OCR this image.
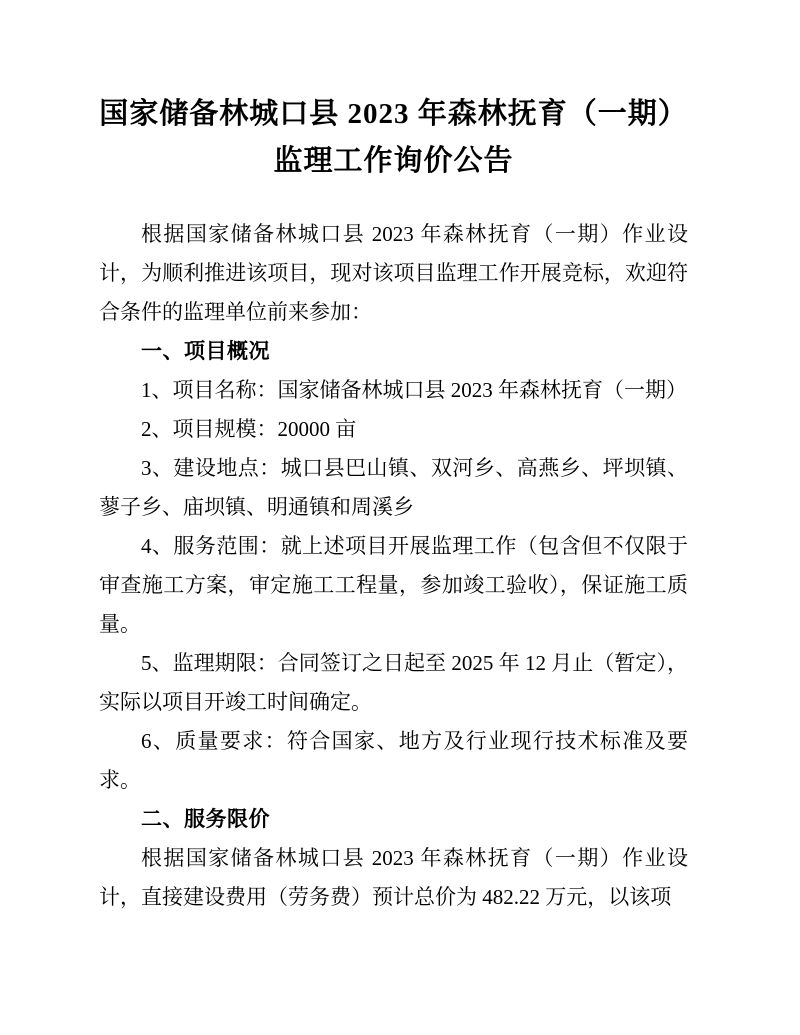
国家储备林城口县 2023 年森林抚育（一期）
监理工作询价公告

根据国家储备林城口县 2023 年森林抚育（一期）作业设计，为顺利推进该项目，现对该项目监理工作开展竞标，欢迎符合条件的监理单位前来参加：

一、项目概况

1、项目名称：国家储备林城口县 2023 年森林抚育（一期）

2、项目规模：20000 亩

3、建设地点：城口县巴山镇、双河乡、高燕乡、坪坝镇、蓼子乡、庙坝镇、明通镇和周溪乡

4、服务范围：就上述项目开展监理工作（包含但不仅限于审查施工方案，审定施工工程量，参加竣工验收），保证施工质量。

5、监理期限：合同签订之日起至 2025 年 12 月止（暂定），实际以项目开竣工时间确定。

6、质量要求：符合国家、地方及行业现行技术标准及要求。

二、服务限价

根据国家储备林城口县 2023 年森林抚育（一期）作业设计，直接建设费用（劳务费）预计总价为 482.22 万元，以该项
